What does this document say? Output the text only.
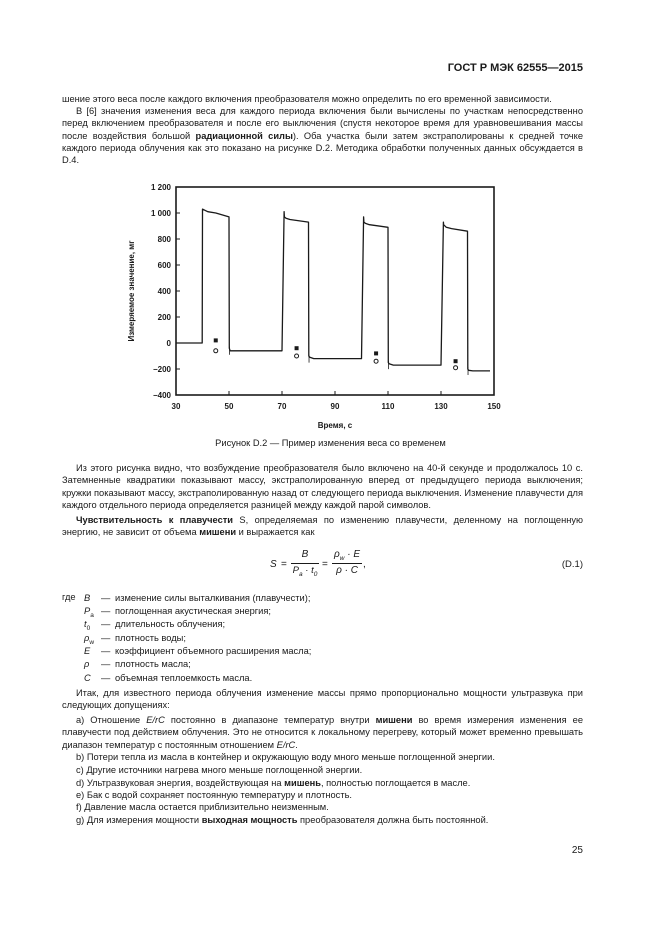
ГОСТ Р МЭК 62555—2015
шение этого веса после каждого включения преобразователя можно определить по его временной зависимости.
В [6] значения изменения веса для каждого периода включения были вычислены по участкам непосредственно перед включением преобразователя и после его выключения (спустя некоторое время для уравновешивания массы после воздействия большой радиационной силы). Оба участка были затем экстраполированы к средней точке каждого периода облучения как это показано на рисунке D.2. Методика обработки полученных данных обсуждается в D.4.
30	50	70	90	110	130	150
1 200
1 000
800
600
400
200
0
−200
−400
Время, с
Измеряемое значение, мг
Рисунок D.2 — Пример изменения веса со временем
Из этого рисунка видно, что возбуждение преобразователя было включено на 40-й секунде и продолжалось 10 с. Затемненные квадратики показывают массу, экстраполированную вперед от предыдущего периода выключения; кружки показывают массу, экстраполированную назад от следующего периода выключения. Изменение плавучести для каждого отдельного периода определяется разницей между каждой парой символов.
Чувствительность к плавучести S, определяемая по изменению плавучести, деленному на поглощенную энергию, не зависит от объема мишени и выражается как
S =
B
$P_a \cdot t_0$
=
$\rho_w \cdot E$
ρ · C
,	(D.1)
где B — изменение силы выталкивания (плавучести);
$P_a$ — поглощенная акустическая энергия;
$t_0$ — длительность облучения;
$\rho_w$ — плотность воды;
E — коэффициент объемного расширения масла;
ρ — плотность масла;
C — объемная теплоемкость масла.
Итак, для известного периода облучения изменение массы прямо пропорционально мощности ультразвука при следующих допущениях:
a) Отношение E/rC постоянно в диапазоне температур внутри мишени во время измерения изменения ее плавучести под действием облучения. Это не относится к локальному перегреву, который может временно превышать диапазон температур с постоянным отношением E/rC.
b) Потери тепла из масла в контейнер и окружающую воду много меньше поглощенной энергии.
c) Другие источники нагрева много меньше поглощенной энергии.
d) Ультразвуковая энергия, воздействующая на мишень, полностью поглощается в масле.
e) Бак с водой сохраняет постоянную температуру и плотность.
f) Давление масла остается приблизительно неизменным.
g) Для измерения мощности выходная мощность преобразователя должна быть постоянной.
25
